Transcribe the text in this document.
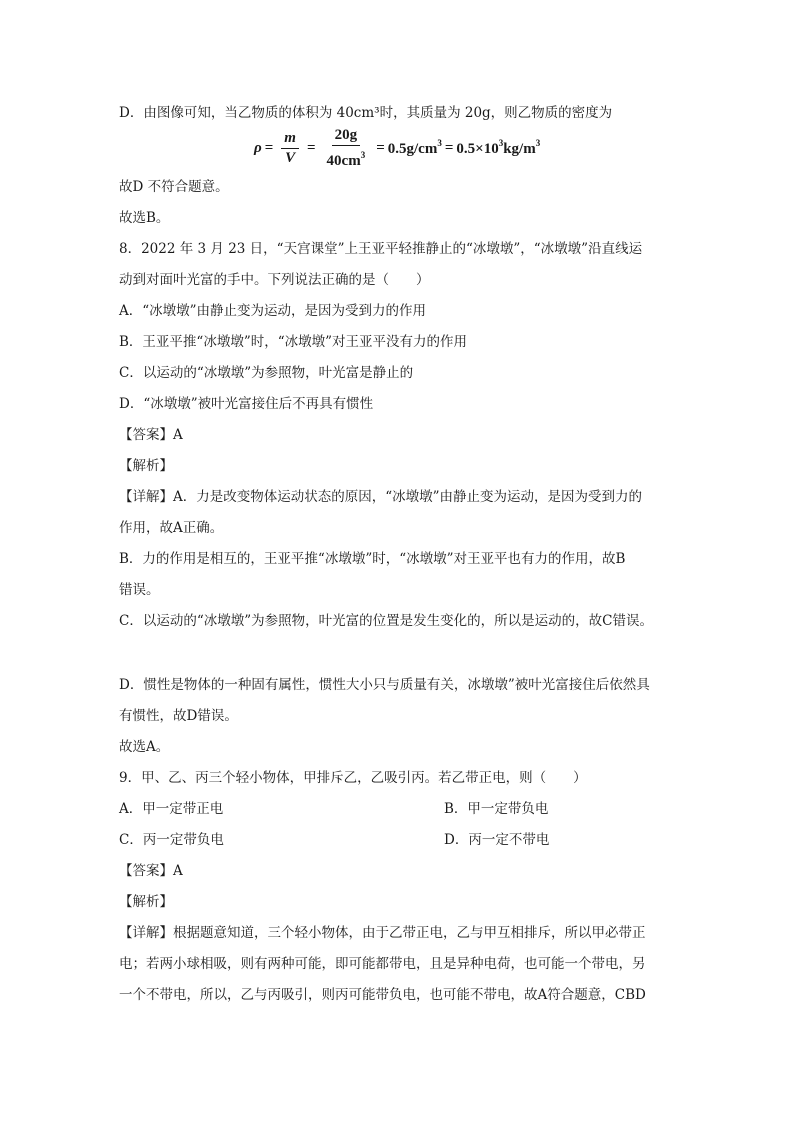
D．由图像可知，当乙物质的体积为 40cm³时，其质量为 20g，则乙物质的密度为
$\rho = \frac{m}{V} = \frac{20g}{40cm^3} = 0.5g/cm^3 = 0.5\times 10^3kg/m^3$
故D 不符合题意。
故选B。
8．2022 年 3 月 23 日，“天宫课堂”上王亚平轻推静止的“冰墩墩”，“冰墩墩”沿直线运
动到对面叶光富的手中。下列说法正确的是（　　）
A．“冰墩墩”由静止变为运动，是因为受到力的作用
B．王亚平推“冰墩墩”时，“冰墩墩”对王亚平没有力的作用
C．以运动的“冰墩墩”为参照物，叶光富是静止的
D．“冰墩墩”被叶光富接住后不再具有惯性
【答案】A
【解析】
【详解】A．力是改变物体运动状态的原因，“冰墩墩”由静止变为运动，是因为受到力的
作用，故A正确。
B．力的作用是相互的，王亚平推“冰墩墩”时，“冰墩墩”对王亚平也有力的作用，故B
错误。
C．以运动的“冰墩墩”为参照物，叶光富的位置是发生变化的，所以是运动的，故C错误。
D．惯性是物体的一种固有属性，惯性大小只与质量有关，冰墩墩”被叶光富接住后依然具
有惯性，故D错误。
故选A。
9．甲、乙、丙三个轻小物体，甲排斥乙，乙吸引丙。若乙带正电，则（　　）
A．甲一定带正电	B．甲一定带负电
C．丙一定带负电	D．丙一定不带电
【答案】A
【解析】
【详解】根据题意知道，三个轻小物体，由于乙带正电，乙与甲互相排斥，所以甲必带正
电；若两小球相吸，则有两种可能，即可能都带电，且是异种电荷，也可能一个带电，另
一个不带电，所以，乙与丙吸引，则丙可能带负电，也可能不带电，故A符合题意，CBD
